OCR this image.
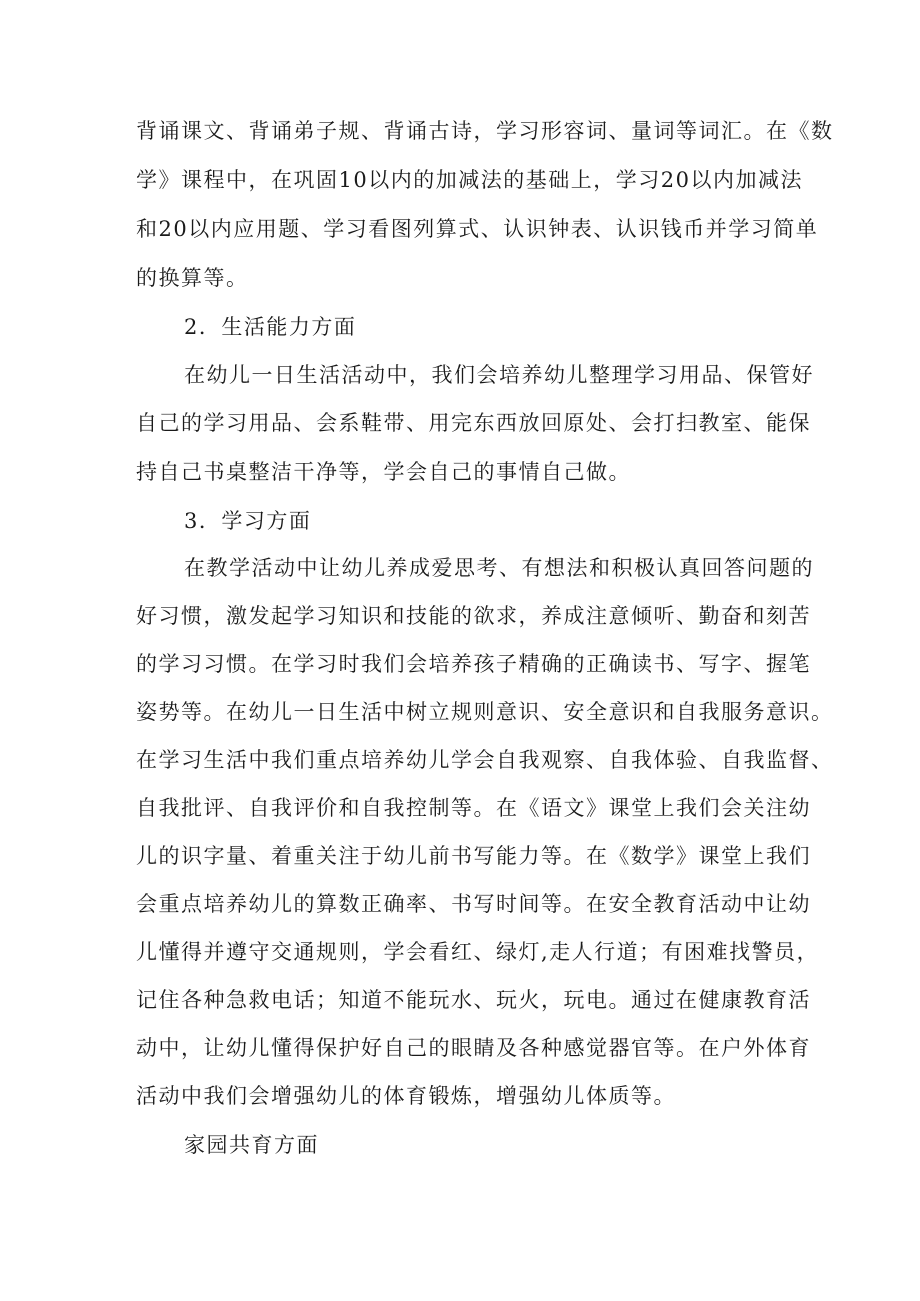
背诵课文、背诵弟子规、背诵古诗，学习形容词、量词等词汇。在《数

学》课程中，在巩固10以内的加减法的基础上，学习20以内加减法

和20以内应用题、学习看图列算式、认识钟表、认识钱币并学习简单

的换算等。

2．生活能力方面

在幼儿一日生活活动中，我们会培养幼儿整理学习用品、保管好

自己的学习用品、会系鞋带、用完东西放回原处、会打扫教室、能保

持自己书桌整洁干净等，学会自己的事情自己做。

3．学习方面

在教学活动中让幼儿养成爱思考、有想法和积极认真回答问题的

好习惯，激发起学习知识和技能的欲求，养成注意倾听、勤奋和刻苦

的学习习惯。在学习时我们会培养孩子精确的正确读书、写字、握笔

姿势等。在幼儿一日生活中树立规则意识、安全意识和自我服务意识。

在学习生活中我们重点培养幼儿学会自我观察、自我体验、自我监督、

自我批评、自我评价和自我控制等。在《语文》课堂上我们会关注幼

儿的识字量、着重关注于幼儿前书写能力等。在《数学》课堂上我们

会重点培养幼儿的算数正确率、书写时间等。在安全教育活动中让幼

儿懂得并遵守交通规则，学会看红、绿灯,走人行道；有困难找警员，

记住各种急救电话；知道不能玩水、玩火，玩电。通过在健康教育活

动中，让幼儿懂得保护好自己的眼睛及各种感觉器官等。在户外体育

活动中我们会增强幼儿的体育锻炼，增强幼儿体质等。

家园共育方面
